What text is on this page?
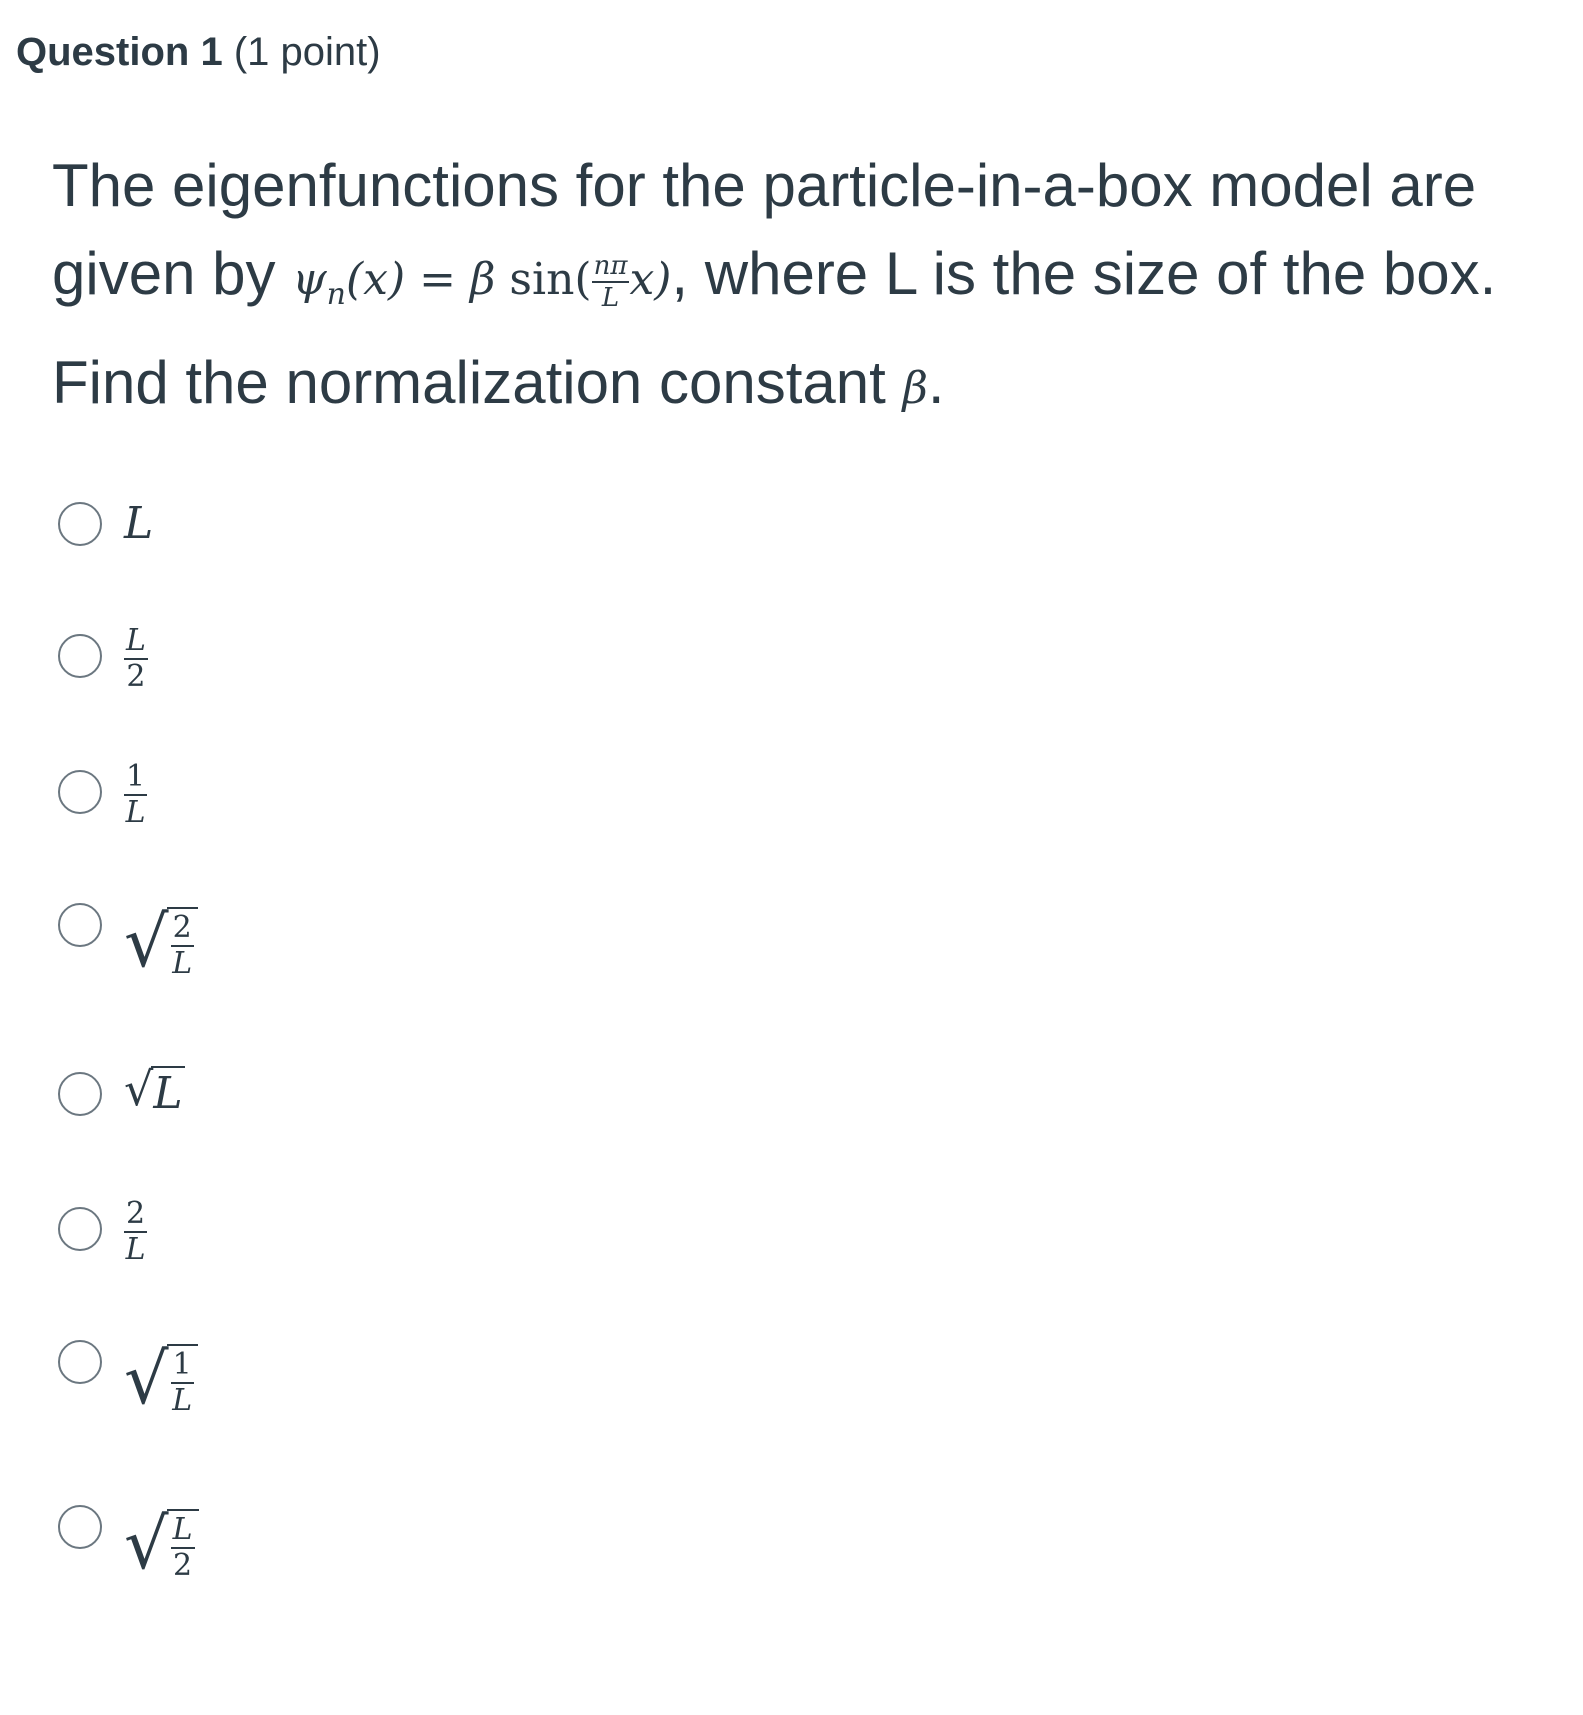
Question 1 (1 point)
The eigenfunctions for the particle-in-a-box model are
given by $\psi_n(x) = \beta$ $\sin( \frac{n\pi}{L} x)$, where L is the size of the box.
Find the normalization constant β.
L
$\frac{L}{2}$
$\frac{1}{L}$
√ $\frac{2}{L}$
√ L
$\frac{2}{L}$
√ $\frac{1}{L}$
√ $\frac{L}{2}$
